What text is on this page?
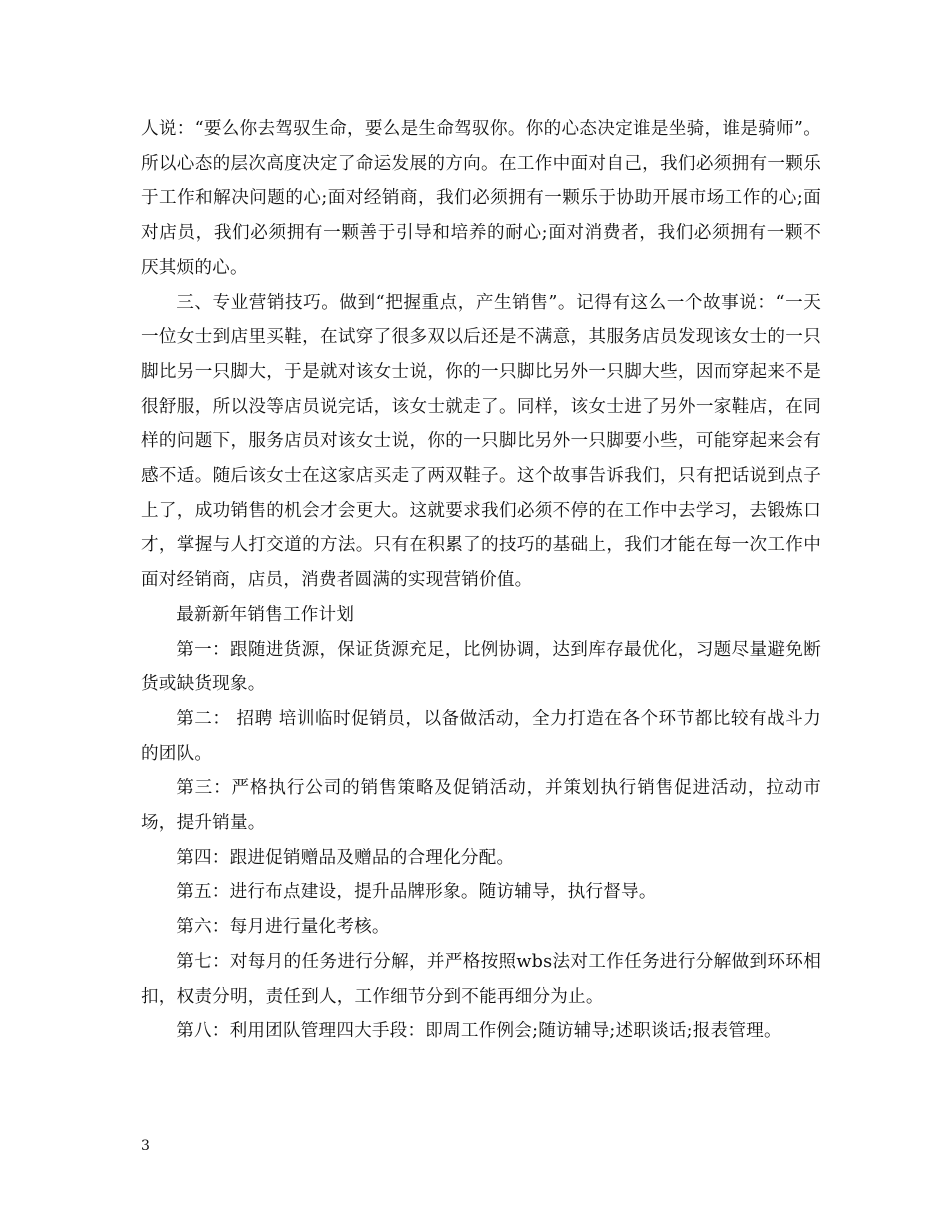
人说：“要么你去驾驭生命，要么是生命驾驭你。你的心态决定谁是坐骑，谁是骑师”。所以心态的层次高度决定了命运发展的方向。在工作中面对自己，我们必须拥有一颗乐于工作和解决问题的心;面对经销商，我们必须拥有一颗乐于协助开展市场工作的心;面对店员，我们必须拥有一颗善于引导和培养的耐心;面对消费者，我们必须拥有一颗不厌其烦的心。

三、专业营销技巧。做到“把握重点，产生销售”。记得有这么一个故事说：“一天一位女士到店里买鞋，在试穿了很多双以后还是不满意，其服务店员发现该女士的一只脚比另一只脚大，于是就对该女士说，你的一只脚比另外一只脚大些，因而穿起来不是很舒服，所以没等店员说完话，该女士就走了。同样，该女士进了另外一家鞋店，在同样的问题下，服务店员对该女士说，你的一只脚比另外一只脚要小些，可能穿起来会有感不适。随后该女士在这家店买走了两双鞋子。这个故事告诉我们，只有把话说到点子上了，成功销售的机会才会更大。这就要求我们必须不停的在工作中去学习，去锻炼口才，掌握与人打交道的方法。只有在积累了的技巧的基础上，我们才能在每一次工作中面对经销商，店员，消费者圆满的实现营销价值。

最新新年销售工作计划

第一：跟随进货源，保证货源充足，比例协调，达到库存最优化，习题尽量避免断货或缺货现象。

第二： 招聘 培训临时促销员，以备做活动，全力打造在各个环节都比较有战斗力的团队。

第三：严格执行公司的销售策略及促销活动，并策划执行销售促进活动，拉动市场，提升销量。

第四：跟进促销赠品及赠品的合理化分配。

第五：进行布点建设，提升品牌形象。随访辅导，执行督导。

第六：每月进行量化考核。

第七：对每月的任务进行分解，并严格按照wbs法对工作任务进行分解做到环环相扣，权责分明，责任到人，工作细节分到不能再细分为止。

第八：利用团队管理四大手段：即周工作例会;随访辅导;述职谈话;报表管理。

3
